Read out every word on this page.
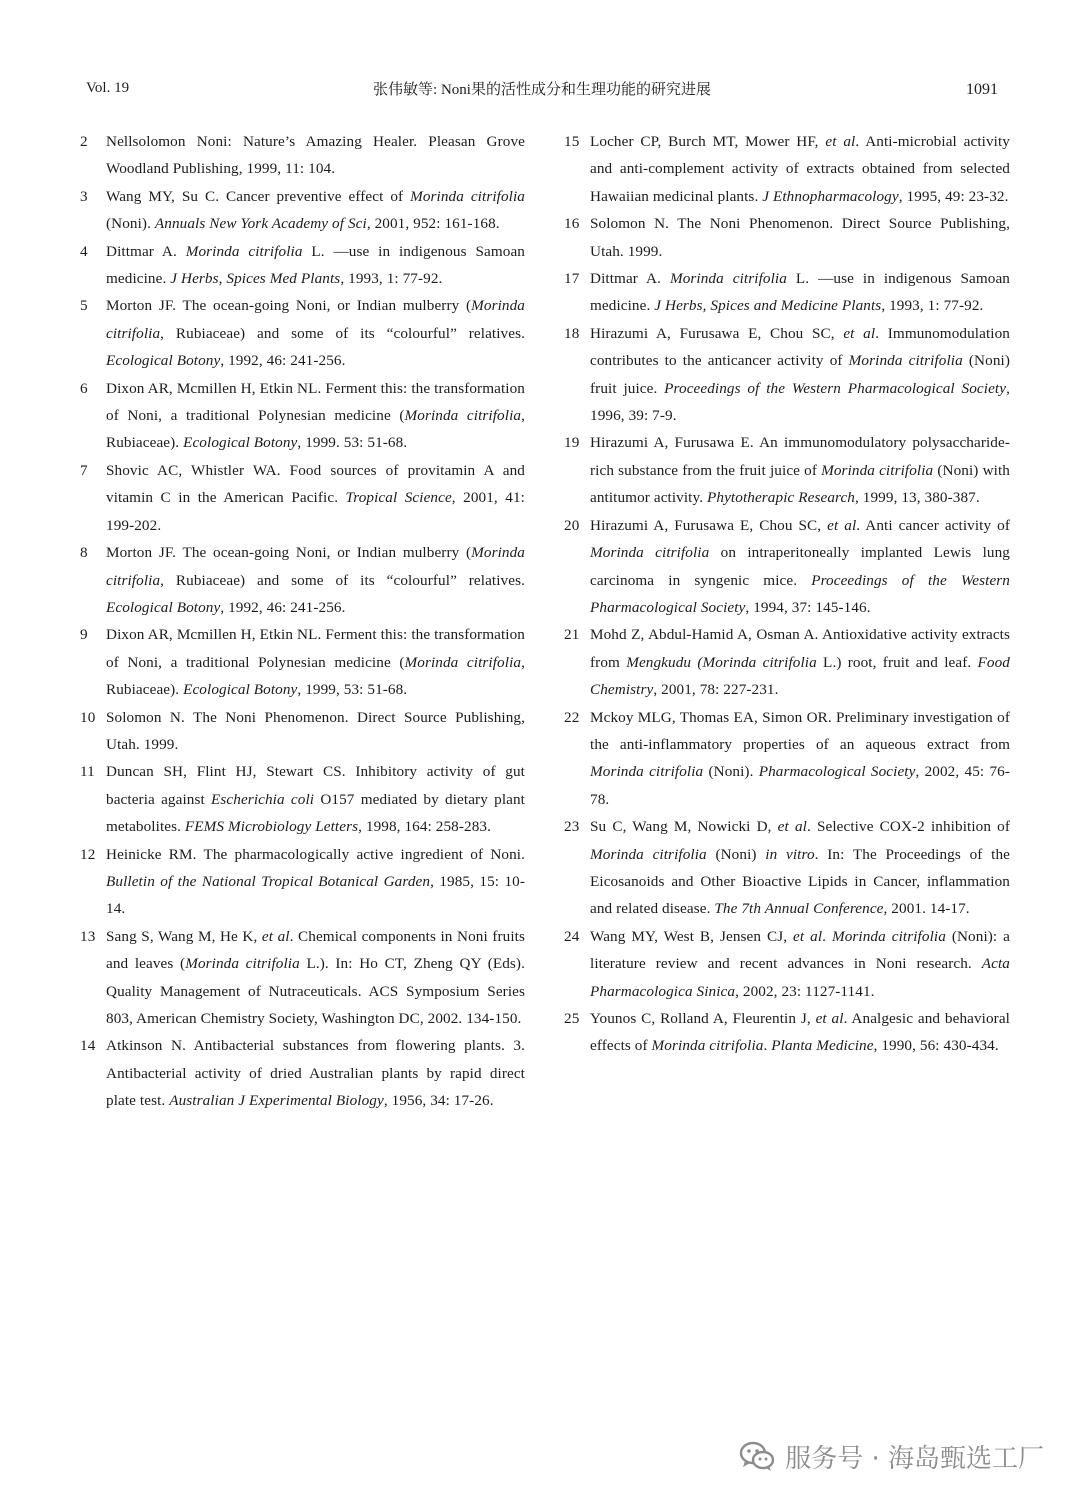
Vol. 19	张伟敏等: Noni果的活性成分和生理功能的研究进展	1091
2 Nellsolomon Noni: Nature’s Amazing Healer. Pleasan Grove Woodland Publishing, 1999, 11: 104.
3 Wang MY, Su C. Cancer preventive effect of Morinda citrifolia (Noni). Annuals New York Academy of Sci, 2001, 952: 161-168.
4 Dittmar A. Morinda citrifolia L. —use in indigenous Samoan medicine. J Herbs, Spices Med Plants, 1993, 1: 77-92.
5 Morton JF. The ocean-going Noni, or Indian mulberry (Morinda citrifolia, Rubiaceae) and some of its “colourful” relatives. Ecological Botony, 1992, 46: 241-256.
6 Dixon AR, Mcmillen H, Etkin NL. Ferment this: the transformation of Noni, a traditional Polynesian medicine (Morinda citrifolia, Rubiaceae). Ecological Botony, 1999. 53: 51-68.
7 Shovic AC, Whistler WA. Food sources of provitamin A and vitamin C in the American Pacific. Tropical Science, 2001, 41: 199-202.
8 Morton JF. The ocean-going Noni, or Indian mulberry (Morinda citrifolia, Rubiaceae) and some of its “colourful” relatives. Ecological Botony, 1992, 46: 241-256.
9 Dixon AR, Mcmillen H, Etkin NL. Ferment this: the transformation of Noni, a traditional Polynesian medicine (Morinda citrifolia, Rubiaceae). Ecological Botony, 1999, 53: 51-68.
10 Solomon N. The Noni Phenomenon. Direct Source Publishing, Utah. 1999.
11 Duncan SH, Flint HJ, Stewart CS. Inhibitory activity of gut bacteria against Escherichia coli O157 mediated by dietary plant metabolites. FEMS Microbiology Letters, 1998, 164: 258-283.
12 Heinicke RM. The pharmacologically active ingredient of Noni. Bulletin of the National Tropical Botanical Garden, 1985, 15: 10-14.
13 Sang S, Wang M, He K, et al. Chemical components in Noni fruits and leaves (Morinda citrifolia L.). In: Ho CT, Zheng QY (Eds). Quality Management of Nutraceuticals. ACS Symposium Series 803, American Chemistry Society, Washington DC, 2002. 134-150.
14 Atkinson N. Antibacterial substances from flowering plants. 3. Antibacterial activity of dried Australian plants by rapid direct plate test. Australian J Experimental Biology, 1956, 34: 17-26.
15 Locher CP, Burch MT, Mower HF, et al. Anti-microbial activity and anti-complement activity of extracts obtained from selected Hawaiian medicinal plants. J Ethnopharmacology, 1995, 49: 23-32.
16 Solomon N. The Noni Phenomenon. Direct Source Publishing, Utah. 1999.
17 Dittmar A. Morinda citrifolia L. —use in indigenous Samoan medicine. J Herbs, Spices and Medicine Plants, 1993, 1: 77-92.
18 Hirazumi A, Furusawa E, Chou SC, et al. Immunomodulation contributes to the anticancer activity of Morinda citrifolia (Noni) fruit juice. Proceedings of the Western Pharmacological Society, 1996, 39: 7-9.
19 Hirazumi A, Furusawa E. An immunomodulatory polysaccharide-rich substance from the fruit juice of Morinda citrifolia (Noni) with antitumor activity. Phytotherapic Research, 1999, 13, 380-387.
20 Hirazumi A, Furusawa E, Chou SC, et al. Anti cancer activity of Morinda citrifolia on intraperitoneally implanted Lewis lung carcinoma in syngenic mice. Proceedings of the Western Pharmacological Society, 1994, 37: 145-146.
21 Mohd Z, Abdul-Hamid A, Osman A. Antioxidative activity extracts from Mengkudu (Morinda citrifolia L.) root, fruit and leaf. Food Chemistry, 2001, 78: 227-231.
22 Mckoy MLG, Thomas EA, Simon OR. Preliminary investigation of the anti-inflammatory properties of an aqueous extract from Morinda citrifolia (Noni). Pharmacological Society, 2002, 45: 76-78.
23 Su C, Wang M, Nowicki D, et al. Selective COX-2 inhibition of Morinda citrifolia (Noni) in vitro. In: The Proceedings of the Eicosanoids and Other Bioactive Lipids in Cancer, inflammation and related disease. The 7th Annual Conference, 2001. 14-17.
24 Wang MY, West B, Jensen CJ, et al. Morinda citrifolia (Noni): a literature review and recent advances in Noni research. Acta Pharmacologica Sinica, 2002, 23: 1127-1141.
25 Younos C, Rolland A, Fleurentin J, et al. Analgesic and behavioral effects of Morinda citrifolia. Planta Medicine, 1990, 56: 430-434.
服务号 · 海岛甄选工厂
